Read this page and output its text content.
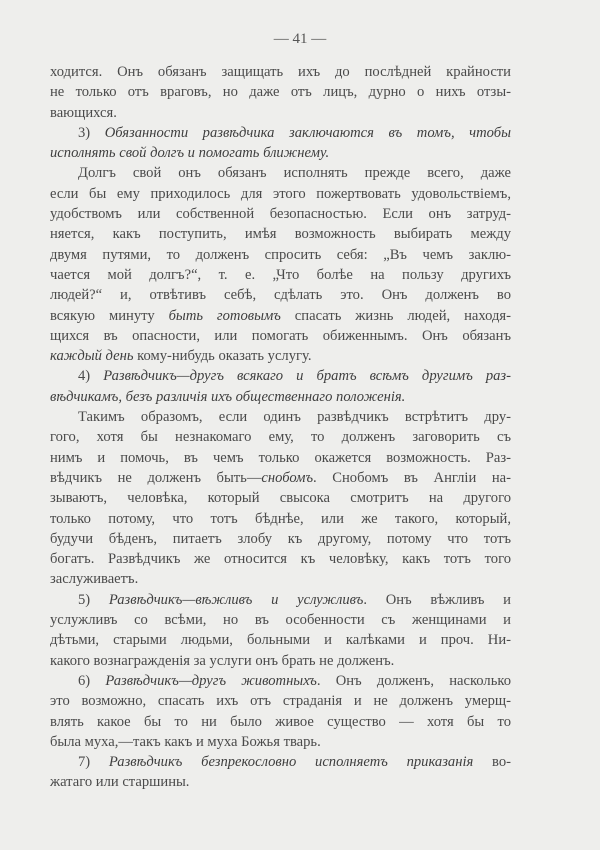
— 41 —
ходится. Онъ обязанъ защищать ихъ до послѣдней крайности
не только отъ враговъ, но даже отъ лицъ, дурно о нихъ отзы-
вающихся.
3) Обязанности развѣдчика заключаются въ томъ, чтобы
исполнять свой долгъ и помогать ближнему.
Долгъ свой онъ обязанъ исполнять прежде всего, даже
если бы ему приходилось для этого пожертвовать удовольствіемъ,
удобствомъ или собственной безопасностью. Если онъ затруд-
няется, какъ поступить, имѣя возможность выбирать между
двумя путями, то долженъ спросить себя: „Въ чемъ заклю-
чается мой долгъ?“, т. е. „Что болѣе на пользу другихъ
людей?“ и, отвѣтивъ себѣ, сдѣлать это. Онъ долженъ во
всякую минуту быть готовымъ спасать жизнь людей, находя-
щихся въ опасности, или помогать обиженнымъ. Онъ обязанъ
каждый день кому-нибудь оказать услугу.
4) Развѣдчикъ—другъ всякаго и братъ всѣмъ другимъ раз-
вѣдчикамъ, безъ различія ихъ общественнаго положенія.
Такимъ образомъ, если одинъ развѣдчикъ встрѣтитъ дру-
гого, хотя бы незнакомаго ему, то долженъ заговорить съ
нимъ и помочь, въ чемъ только окажется возможность. Раз-
вѣдчикъ не долженъ быть—снобомъ. Снобомъ въ Англіи на-
зываютъ, человѣка, который свысока смотритъ на другого
только потому, что тотъ бѣднѣе, или же такого, который,
будучи бѣденъ, питаетъ злобу къ другому, потому что тотъ
богатъ. Развѣдчикъ же относится къ человѣку, какъ тотъ того
заслуживаетъ.
5) Развѣдчикъ—вѣжливъ и услужливъ. Онъ вѣжливъ и
услужливъ со всѣми, но въ особенности съ женщинами и
дѣтьми, старыми людьми, больными и калѣками и проч. Ни-
какого вознагражденія за услуги онъ брать не долженъ.
6) Развѣдчикъ—другъ животныхъ. Онъ долженъ, насколько
это возможно, спасать ихъ отъ страданія и не долженъ умерщ-
влять какое бы то ни было живое существо — хотя бы то
была муха,—такъ какъ и муха Божья тварь.
7) Развѣдчикъ безпрекословно исполняетъ приказанія во-
жатаго или старшины.
